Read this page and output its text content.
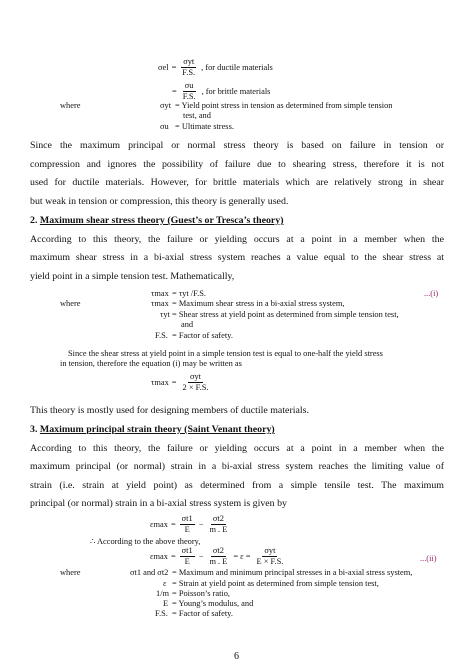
$\sigma el = \frac{\text{σyt}}{F.S.}$ , for ductile materials
= $\frac{\sigma u}{F.S.}$ , for brittle materials
where	σyt = Yield point stress in tension as determined from simple tension
test, and
σu = Ultimate stress.
Since the maximum principal or normal stress theory is based on failure in tension or
compression and ignores the possibility of failure due to shearing stress, therefore it is not
used for ductile materials. However, for brittle materials which are relatively strong in shear
but weak in tension or compression, this theory is generally used.
2. Maximum shear stress theory (Guest’s or Tresca’s theory)
According to this theory, the failure or yielding occurs at a point in a member when the
maximum shear stress in a bi-axial stress system reaches a value equal to the shear stress at
yield point in a simple tension test. Mathematically,
τmax = τyt /F.S.	...(i)
where	τmax = Maximum shear stress in a bi-axial stress system,
τyt = Shear stress at yield point as determined from simple tension test,
and
F.S. = Factor of safety.
Since the shear stress at yield point in a simple tension test is equal to one-half the yield stress
in tension, therefore the equation (i) may be written as
$\tau\max = \frac{\text{σyt}}{2 \times F.S.}$
This theory is mostly used for designing members of ductile materials.
3. Maximum principal strain theory (Saint Venant theory)
According to this theory, the failure or yielding occurs at a point in a member when the
maximum principal (or normal) strain in a bi-axial stress system reaches the limiting value of
strain (i.e. strain at yield point) as determined from a simple tensile test. The maximum
principal (or normal) strain in a bi-axial stress system is given by
$\varepsilon\max = \frac{\sigma t1}{E} - \frac{\sigma t2}{m . E}$
∴ According to the above theory,
$\varepsilon\max = \frac{\sigma t1}{E} - \frac{\sigma t2}{m . E} = \varepsilon = \frac{\text{σyt}}{E \times F.S.}$	...(ii)
where	σt1 and σt2 = Maximum and minimum principal stresses in a bi-axial stress system,
ε = Strain at yield point as determined from simple tension test,
1/m = Poisson’s ratio,
E = Young’s modulus, and
F.S. = Factor of safety.
6
